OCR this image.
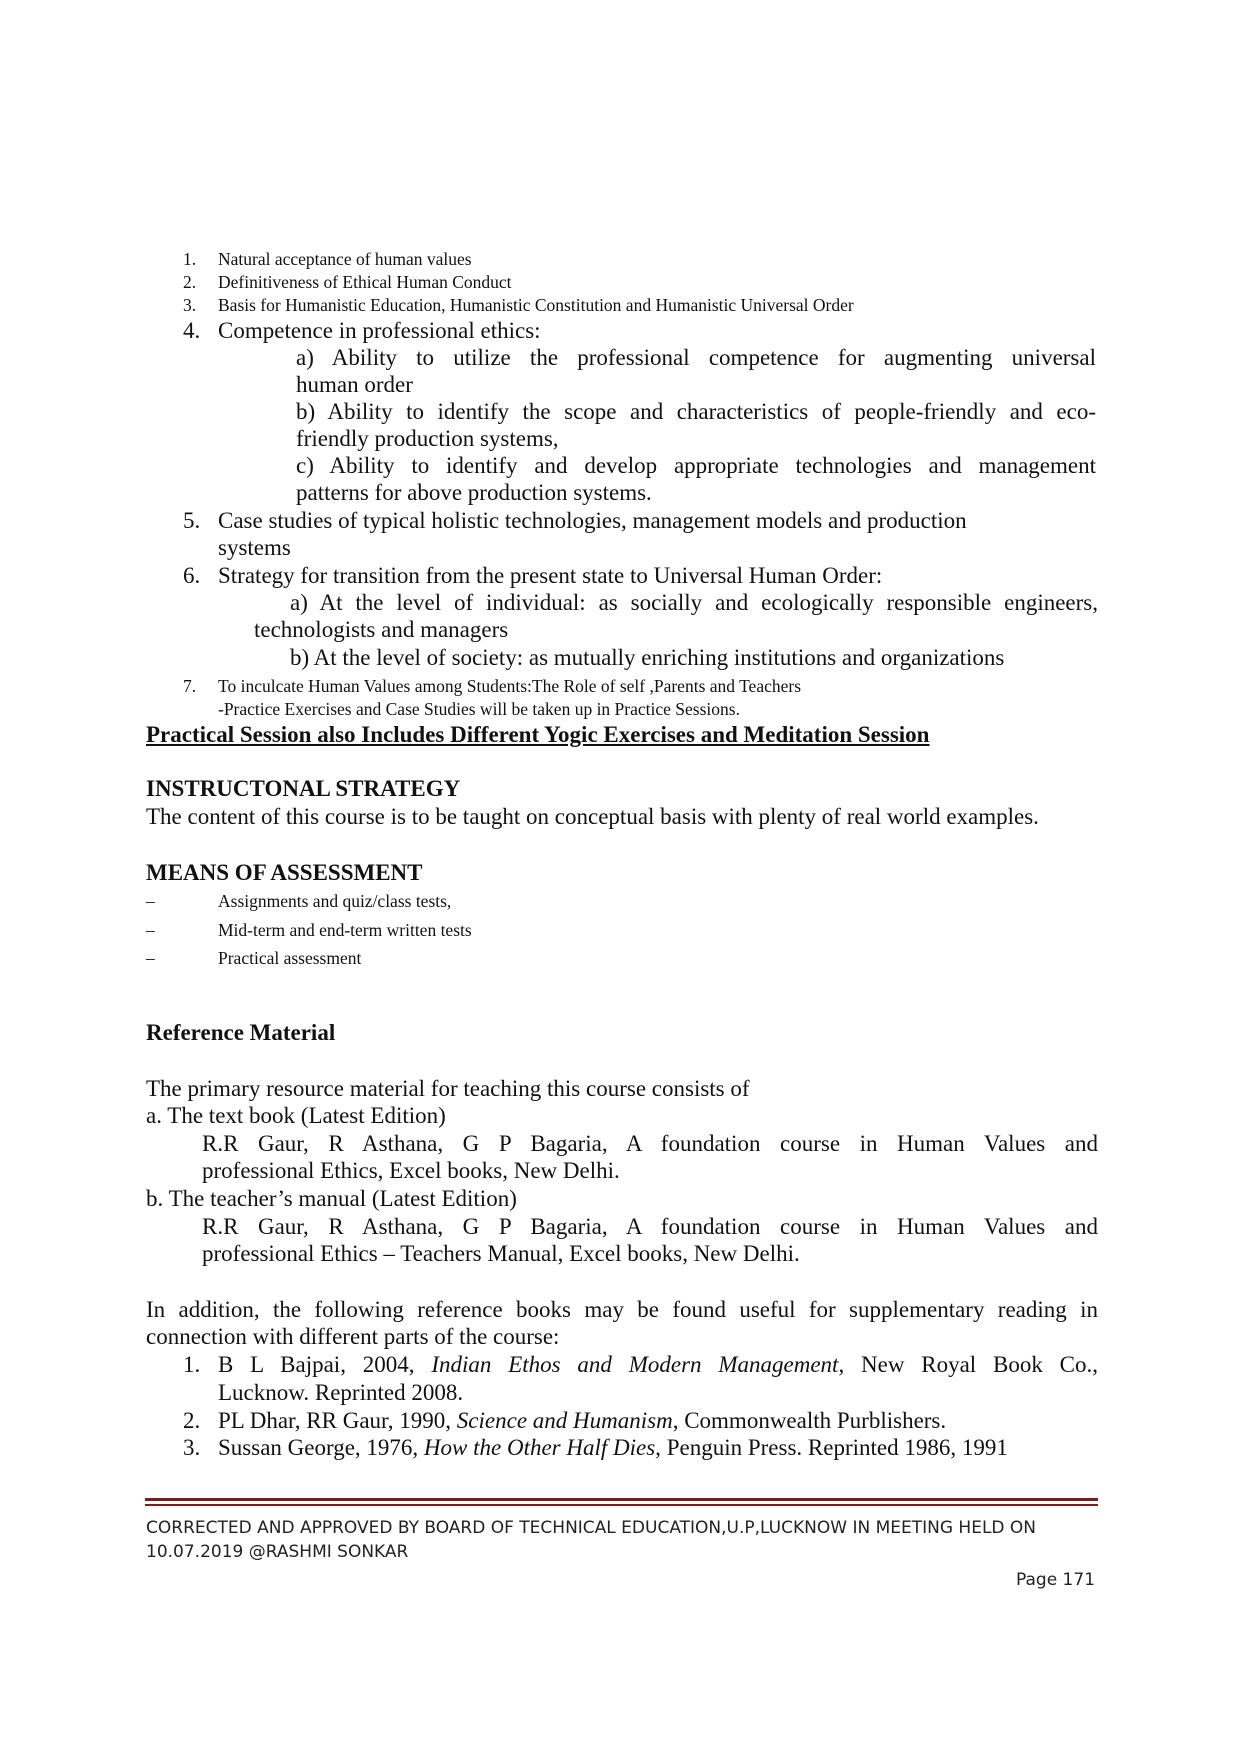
1. Natural acceptance of human values
2. Definitiveness of Ethical Human Conduct
3. Basis for Humanistic Education, Humanistic Constitution and Humanistic Universal Order
4. Competence in professional ethics:
a) Ability to utilize the professional competence for augmenting universal
human order
b) Ability to identify the scope and characteristics of people-friendly and eco-
friendly production systems,
c) Ability to identify and develop appropriate technologies and management
patterns for above production systems.
5. Case studies of typical holistic technologies, management models and production
systems
6. Strategy for transition from the present state to Universal Human Order:
a) At the level of individual: as socially and ecologically responsible engineers,
technologists and managers
b) At the level of society: as mutually enriching institutions and organizations
7. To inculcate Human Values among Students:The Role of self ,Parents and Teachers
-Practice Exercises and Case Studies will be taken up in Practice Sessions.
Practical Session also Includes Different Yogic Exercises and Meditation Session
INSTRUCTONAL STRATEGY
The content of this course is to be taught on conceptual basis with plenty of real world examples.
MEANS OF ASSESSMENT
–	Assignments and quiz/class tests,
–	Mid-term and end-term written tests
–	Practical assessment
Reference Material
The primary resource material for teaching this course consists of
a. The text book (Latest Edition)
R.R Gaur, R Asthana, G P Bagaria, A foundation course in Human Values and
professional Ethics, Excel books, New Delhi.
b. The teacher’s manual (Latest Edition)
R.R Gaur, R Asthana, G P Bagaria, A foundation course in Human Values and
professional Ethics – Teachers Manual, Excel books, New Delhi.
In addition, the following reference books may be found useful for supplementary reading in
connection with different parts of the course:
1. B L Bajpai, 2004, Indian Ethos and Modern Management, New Royal Book Co.,
Lucknow. Reprinted 2008.
2. PL Dhar, RR Gaur, 1990, Science and Humanism, Commonwealth Purblishers.
3. Sussan George, 1976, How the Other Half Dies, Penguin Press. Reprinted 1986, 1991
CORRECTED AND APPROVED BY BOARD OF TECHNICAL EDUCATION,U.P,LUCKNOW IN MEETING HELD ON
10.07.2019 @RASHMI SONKAR
Page 171
